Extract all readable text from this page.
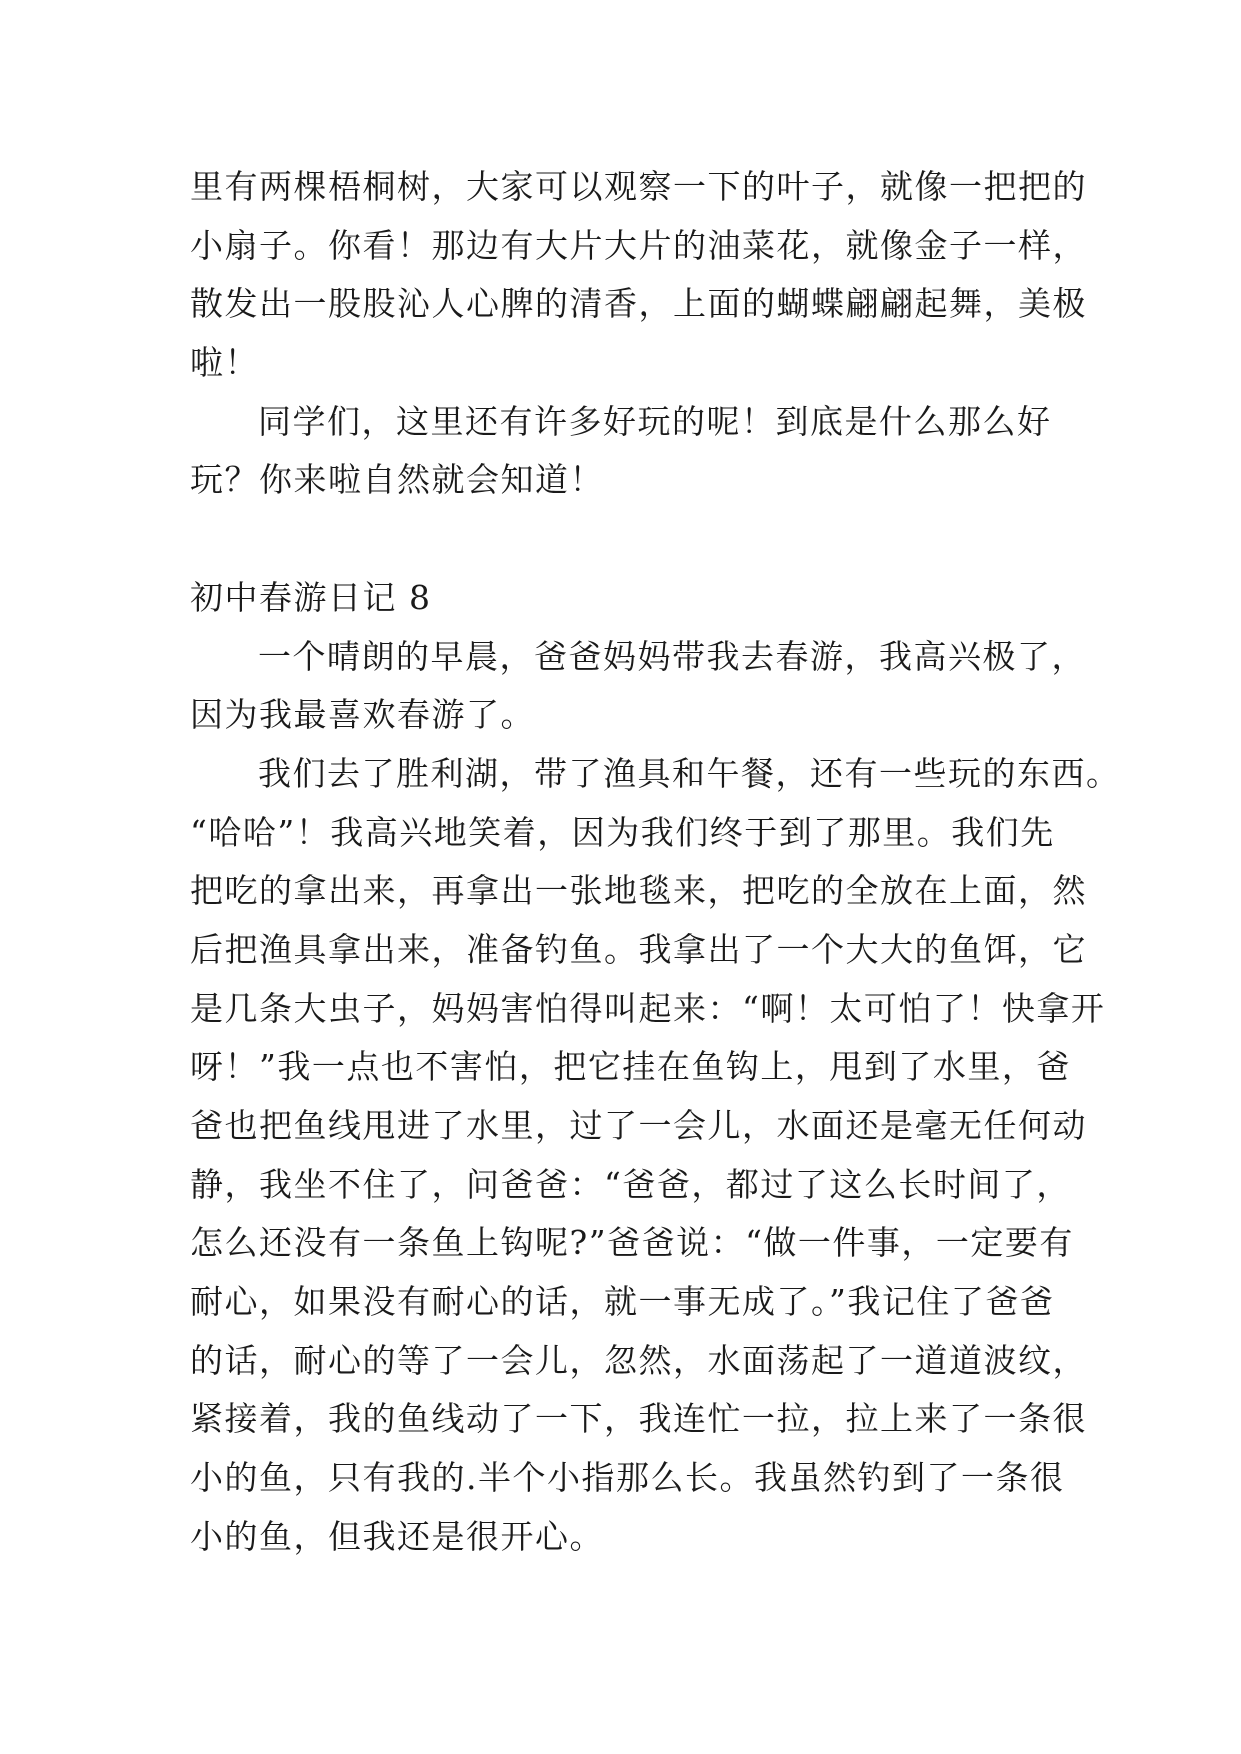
里有两棵梧桐树，大家可以观察一下的叶子，就像一把把的
小扇子。你看！那边有大片大片的油菜花，就像金子一样，
散发出一股股沁人心脾的清香，上面的蝴蝶翩翩起舞，美极
啦！
同学们，这里还有许多好玩的呢！到底是什么那么好
玩？你来啦自然就会知道！
初中春游日记 8
一个晴朗的早晨，爸爸妈妈带我去春游，我高兴极了，
因为我最喜欢春游了。
我们去了胜利湖，带了渔具和午餐，还有一些玩的东西。
“哈哈”！我高兴地笑着，因为我们终于到了那里。我们先
把吃的拿出来，再拿出一张地毯来，把吃的全放在上面，然
后把渔具拿出来，准备钓鱼。我拿出了一个大大的鱼饵，它
是几条大虫子，妈妈害怕得叫起来：“啊！太可怕了！快拿开
呀！”我一点也不害怕，把它挂在鱼钩上，甩到了水里，爸
爸也把鱼线甩进了水里，过了一会儿，水面还是毫无任何动
静，我坐不住了，问爸爸：“爸爸，都过了这么长时间了，
怎么还没有一条鱼上钩呢?”爸爸说：“做一件事，一定要有
耐心，如果没有耐心的话，就一事无成了。”我记住了爸爸
的话，耐心的等了一会儿，忽然，水面荡起了一道道波纹，
紧接着，我的鱼线动了一下，我连忙一拉，拉上来了一条很
小的鱼，只有我的.半个小指那么长。我虽然钓到了一条很
小的鱼，但我还是很开心。
